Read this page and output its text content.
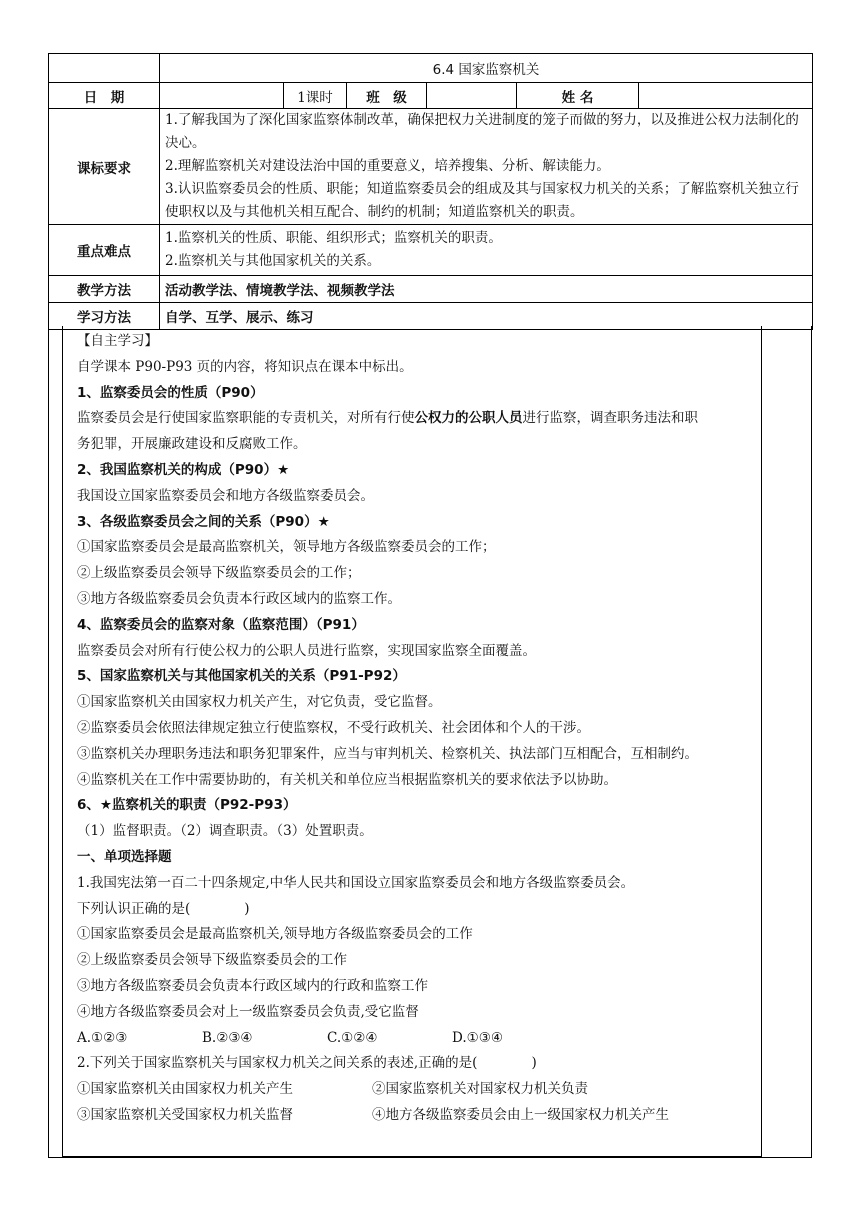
	6.4 国家监察机关					
日　期		1课时	班　级		姓 名	
课标要求	1.了解我国为了深化国家监察体制改革，确保把权力关进制度的笼子而做的努力，以及推进公权力法制化的决心。

2.理解监察机关对建设法治中国的重要意义，培养搜集、分析、解读能力。

3.认识监察委员会的性质、职能；知道监察委员会的组成及其与国家权力机关的关系；了解监察机关独立行使职权以及与其他机关相互配合、制约的机制；知道监察机关的职责。					

重点难点	1.监察机关的性质、职能、组织形式；监察机关的职责。

2.监察机关与其他国家机关的关系。					

教学方法	活动教学法、情境教学法、视频教学法					
学习方法	自学、互学、展示、练习					

【自主学习】

自学课本 P90-P93 页的内容，将知识点在课本中标出。

1、监察委员会的性质（P90）

监察委员会是行使国家监察职能的专责机关，对所有行使公权力的公职人员进行监察，调查职务违法和职务犯罪，开展廉政建设和反腐败工作。

2、我国监察机关的构成（P90）★

我国设立国家监察委员会和地方各级监察委员会。

3、各级监察委员会之间的关系（P90）★

①国家监察委员会是最高监察机关，领导地方各级监察委员会的工作；

②上级监察委员会领导下级监察委员会的工作；

③地方各级监察委员会负责本行政区域内的监察工作。

4、监察委员会的监察对象（监察范围）（P91）

监察委员会对所有行使公权力的公职人员进行监察，实现国家监察全面覆盖。

5、国家监察机关与其他国家机关的关系（P91-P92）

①国家监察机关由国家权力机关产生，对它负责，受它监督。

②监察委员会依照法律规定独立行使监察权，不受行政机关、社会团体和个人的干涉。

③监察机关办理职务违法和职务犯罪案件，应当与审判机关、检察机关、执法部门互相配合，互相制约。

④监察机关在工作中需要协助的，有关机关和单位应当根据监察机关的要求依法予以协助。

6、★监察机关的职责（P92-P93）

（1）监督职责。（2）调查职责。（3）处置职责。

一、单项选择题

1.我国宪法第一百二十四条规定,中华人民共和国设立国家监察委员会和地方各级监察委员会。

下列认识正确的是(　　　　)

①国家监察委员会是最高监察机关,领导地方各级监察委员会的工作

②上级监察委员会领导下级监察委员会的工作

③地方各级监察委员会负责本行政区域内的行政和监察工作

④地方各级监察委员会对上一级监察委员会负责,受它监督

A.①②③	B.②③④	C.①②④	D.①③④

2.下列关于国家监察机关与国家权力机关之间关系的表述,正确的是(　　　　)

①国家监察机关由国家权力机关产生	②国家监察机关对国家权力机关负责

③国家监察机关受国家权力机关监督	④地方各级监察委员会由上一级国家权力机关产生
